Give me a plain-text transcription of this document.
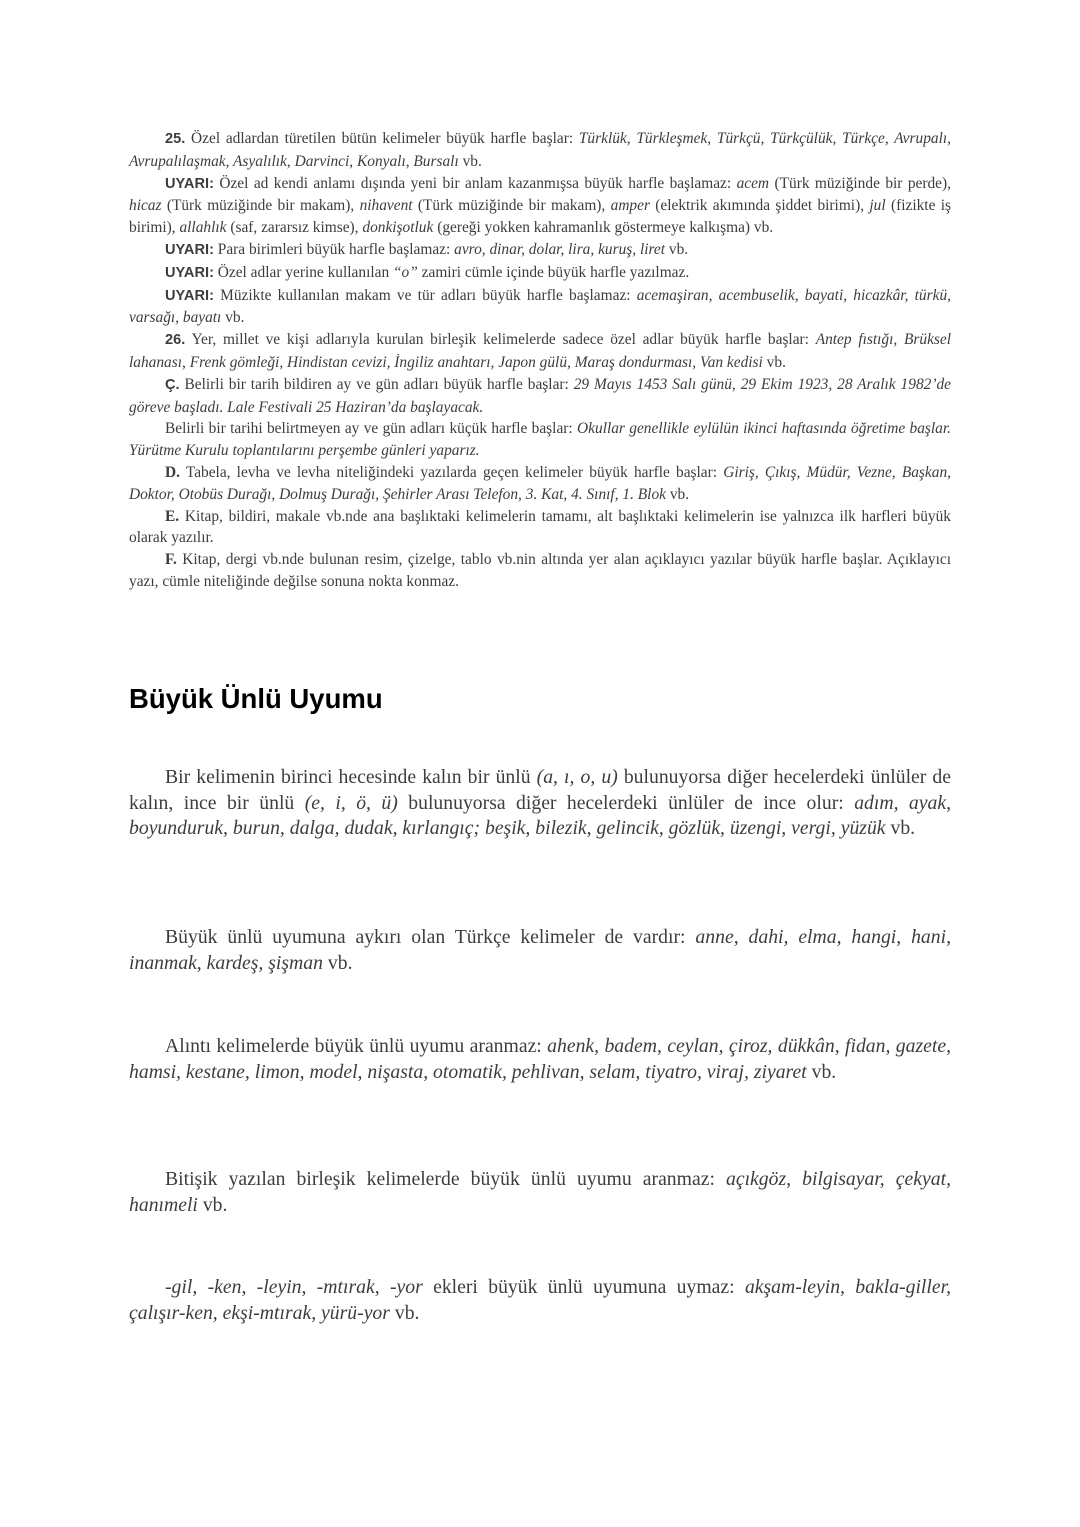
25. Özel adlardan türetilen bütün kelimeler büyük harfle başlar: Türklük, Türkleşmek, Türkçü, Türkçülük, Türkçe, Avrupalı, Avrupalılaşmak, Asyalılık, Darvinci, Konyalı, Bursalı vb.

UYARI: Özel ad kendi anlamı dışında yeni bir anlam kazanmışsa büyük harfle başlamaz: acem (Türk müziğinde bir perde), hicaz (Türk müziğinde bir makam), nihavent (Türk müziğinde bir makam), amper (elektrik akımında şiddet birimi), jul (fizikte iş birimi), allahlık (saf, zararsız kimse), donkişotluk (gereği yokken kahramanlık göstermeye kalkışma) vb.

UYARI: Para birimleri büyük harfle başlamaz: avro, dinar, dolar, lira, kuruş, liret vb.

UYARI: Özel adlar yerine kullanılan “o” zamiri cümle içinde büyük harfle yazılmaz.

UYARI: Müzikte kullanılan makam ve tür adları büyük harfle başlamaz: acemaşiran, acembuselik, bayati, hicazkâr, türkü, varsağı, bayatı vb.

26. Yer, millet ve kişi adlarıyla kurulan birleşik kelimelerde sadece özel adlar büyük harfle başlar: Antep fıstığı, Brüksel lahanası, Frenk gömleği, Hindistan cevizi, İngiliz anahtarı, Japon gülü, Maraş dondurması, Van kedisi vb.

Ç. Belirli bir tarih bildiren ay ve gün adları büyük harfle başlar: 29 Mayıs 1453 Salı günü, 29 Ekim 1923, 28 Aralık 1982’de göreve başladı. Lale Festivali 25 Haziran’da başlayacak.

Belirli bir tarihi belirtmeyen ay ve gün adları küçük harfle başlar: Okullar genellikle eylülün ikinci haftasında öğretime başlar. Yürütme Kurulu toplantılarını perşembe günleri yaparız.

D. Tabela, levha ve levha niteliğindeki yazılarda geçen kelimeler büyük harfle başlar: Giriş, Çıkış, Müdür, Vezne, Başkan, Doktor, Otobüs Durağı, Dolmuş Durağı, Şehirler Arası Telefon, 3. Kat, 4. Sınıf, 1. Blok vb.

E. Kitap, bildiri, makale vb.nde ana başlıktaki kelimelerin tamamı, alt başlıktaki kelimelerin ise yalnızca ilk harfleri büyük olarak yazılır.

F. Kitap, dergi vb.nde bulunan resim, çizelge, tablo vb.nin altında yer alan açıklayıcı yazılar büyük harfle başlar. Açıklayıcı yazı, cümle niteliğinde değilse sonuna nokta konmaz.

Büyük Ünlü Uyumu

Bir kelimenin birinci hecesinde kalın bir ünlü (a, ı, o, u) bulunuyorsa diğer hecelerdeki ünlüler de kalın, ince bir ünlü (e, i, ö, ü) bulunuyorsa diğer hecelerdeki ünlüler de ince olur: adım, ayak, boyunduruk, burun, dalga, dudak, kırlangıç; beşik, bilezik, gelincik, gözlük, üzengi, vergi, yüzük vb.

Büyük ünlü uyumuna aykırı olan Türkçe kelimeler de vardır: anne, dahi, elma, hangi, hani, inanmak, kardeş, şişman vb.

Alıntı kelimelerde büyük ünlü uyumu aranmaz: ahenk, badem, ceylan, çiroz, dükkân, fidan, gazete, hamsi, kestane, limon, model, nişasta, otomatik, pehlivan, selam, tiyatro, viraj, ziyaret vb.

Bitişik yazılan birleşik kelimelerde büyük ünlü uyumu aranmaz: açıkgöz, bilgisayar, çekyat, hanımeli vb.

-gil, -ken, -leyin, -mtırak, -yor ekleri büyük ünlü uyumuna uymaz: akşam-leyin, bakla-giller, çalışır-ken, ekşi-mtırak, yürü-yor vb.
